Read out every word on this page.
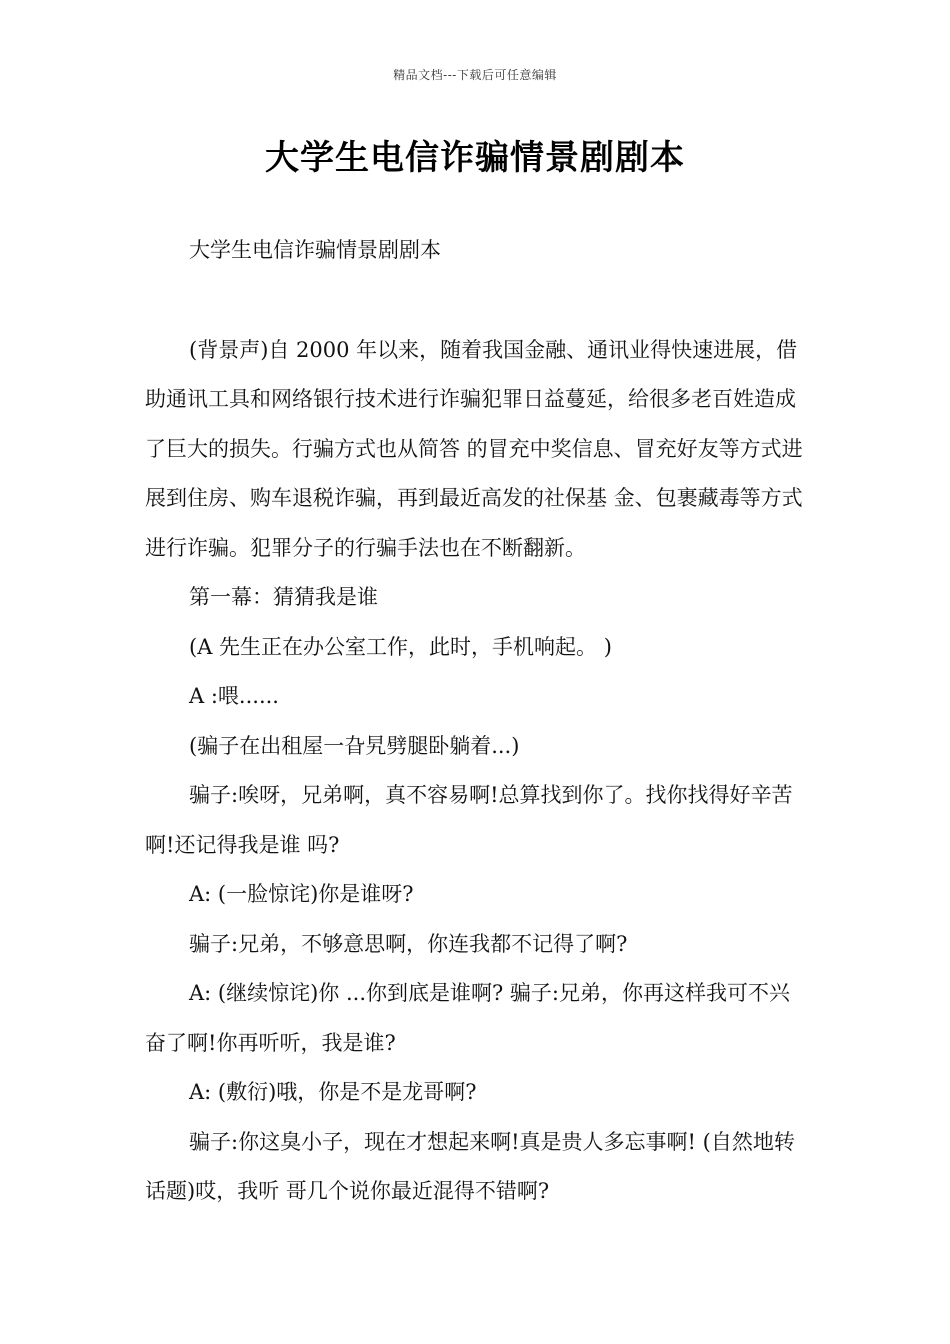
精品文档---下载后可任意编辑
大学生电信诈骗情景剧剧本

大学生电信诈骗情景剧剧本

(背景声)自 2000 年以来，随着我国金融、通讯业得快速进展，借助通讯工具和网络银行技术进行诈骗犯罪日益蔓延，给很多老百姓造成了巨大的损失。行骗方式也从简答 的冒充中奖信息、冒充好友等方式进展到住房、购车退税诈骗，再到最近高发的社保基 金、包裹藏毒等方式进行诈骗。犯罪分子的行骗手法也在不断翻新。

第一幕：猜猜我是谁

(A 先生正在办公室工作，此时，手机响起。 )

A :喂......

(骗子在出租屋一旮旯劈腿卧躺着...)

骗子:唉呀，兄弟啊，真不容易啊!总算找到你了。找你找得好辛苦啊!还记得我是谁 吗?

A: (一脸惊诧)你是谁呀?

骗子:兄弟，不够意思啊，你连我都不记得了啊?

A: (继续惊诧)你 ...你到底是谁啊? 骗子:兄弟，你再这样我可不兴奋了啊!你再听听，我是谁?

A: (敷衍)哦，你是不是龙哥啊?

骗子:你这臭小子，现在才想起来啊!真是贵人多忘事啊! (自然地转话题)哎，我听 哥几个说你最近混得不错啊?
